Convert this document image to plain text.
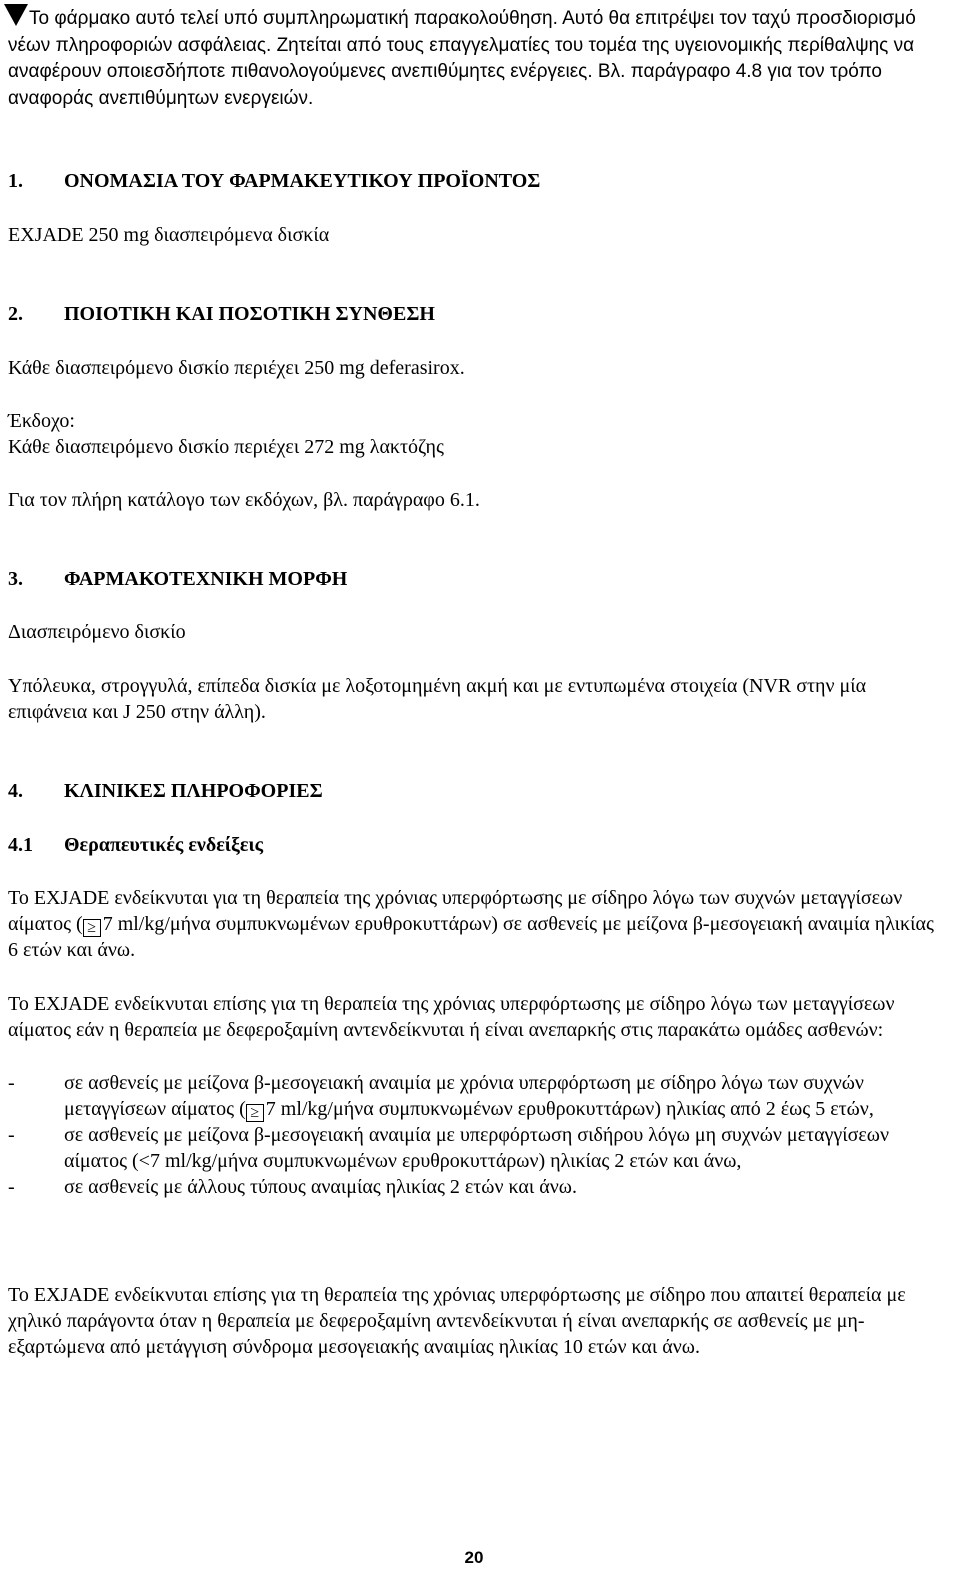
Το φάρμακο αυτό τελεί υπό συμπληρωματική παρακολούθηση. Αυτό θα επιτρέψει τον ταχύ προσδιορισμό νέων πληροφοριών ασφάλειας. Ζητείται από τους επαγγελματίες του τομέα της υγειονομικής περίθαλψης να αναφέρουν οποιεσδήποτε πιθανολογούμενες ανεπιθύμητες ενέργειες. Βλ. παράγραφο 4.8 για τον τρόπο αναφοράς ανεπιθύμητων ενεργειών.

1.	ΟΝΟΜΑΣΙΑ ΤΟΥ ΦΑΡΜΑΚΕΥΤΙΚΟΥ ΠΡΟΪΟΝΤΟΣ

EXJADE 250 mg διασπειρόμενα δισκία

2.	ΠΟΙΟΤΙΚΗ ΚΑΙ ΠΟΣΟΤΙΚΗ ΣΥΝΘΕΣΗ

Κάθε διασπειρόμενο δισκίο περιέχει 250 mg deferasirox.

Έκδοχο:

Κάθε διασπειρόμενο δισκίο περιέχει 272 mg λακτόζης

Για τον πλήρη κατάλογο των εκδόχων, βλ. παράγραφο 6.1.

3.	ΦΑΡΜΑΚΟΤΕΧΝΙΚΗ ΜΟΡΦΗ

Διασπειρόμενο δισκίο

Υπόλευκα, στρογγυλά, επίπεδα δισκία με λοξοτομημένη ακμή και με εντυπωμένα στοιχεία (NVR στην μία επιφάνεια και J 250 στην άλλη).

4.	ΚΛΙΝΙΚΕΣ ΠΛΗΡΟΦΟΡΙΕΣ

4.1	Θεραπευτικές ενδείξεις

Το EXJADE ενδείκνυται για τη θεραπεία της χρόνιας υπερφόρτωσης με σίδηρο λόγω των συχνών μεταγγίσεων αίματος ( ≥ 7 ml/kg/μήνα συμπυκνωμένων ερυθροκυττάρων) σε ασθενείς με μείζονα β-μεσογειακή αναιμία ηλικίας 6 ετών και άνω.

Το EXJADE ενδείκνυται επίσης για τη θεραπεία της χρόνιας υπερφόρτωσης με σίδηρο λόγω των μεταγγίσεων αίματος εάν η θεραπεία με δεφεροξαμίνη αντενδείκνυται ή είναι ανεπαρκής στις παρακάτω ομάδες ασθενών:

-	σε ασθενείς με μείζονα β-μεσογειακή αναιμία με χρόνια υπερφόρτωση με σίδηρο λόγω των συχνών μεταγγίσεων αίματος ( ≥ 7 ml/kg/μήνα συμπυκνωμένων ερυθροκυττάρων) ηλικίας από 2 έως 5 ετών,

-	σε ασθενείς με μείζονα β-μεσογειακή αναιμία με υπερφόρτωση σιδήρου λόγω μη συχνών μεταγγίσεων αίματος (<7 ml/kg/μήνα συμπυκνωμένων ερυθροκυττάρων) ηλικίας 2 ετών και άνω,

-	σε ασθενείς με άλλους τύπους αναιμίας ηλικίας 2 ετών και άνω.

Το EXJADE ενδείκνυται επίσης για τη θεραπεία της χρόνιας υπερφόρτωσης με σίδηρο που απαιτεί θεραπεία με χηλικό παράγοντα όταν η θεραπεία με δεφεροξαμίνη αντενδείκνυται ή είναι ανεπαρκής σε ασθενείς με μη-εξαρτώμενα από μετάγγιση σύνδρομα μεσογειακής αναιμίας ηλικίας 10 ετών και άνω.

20
